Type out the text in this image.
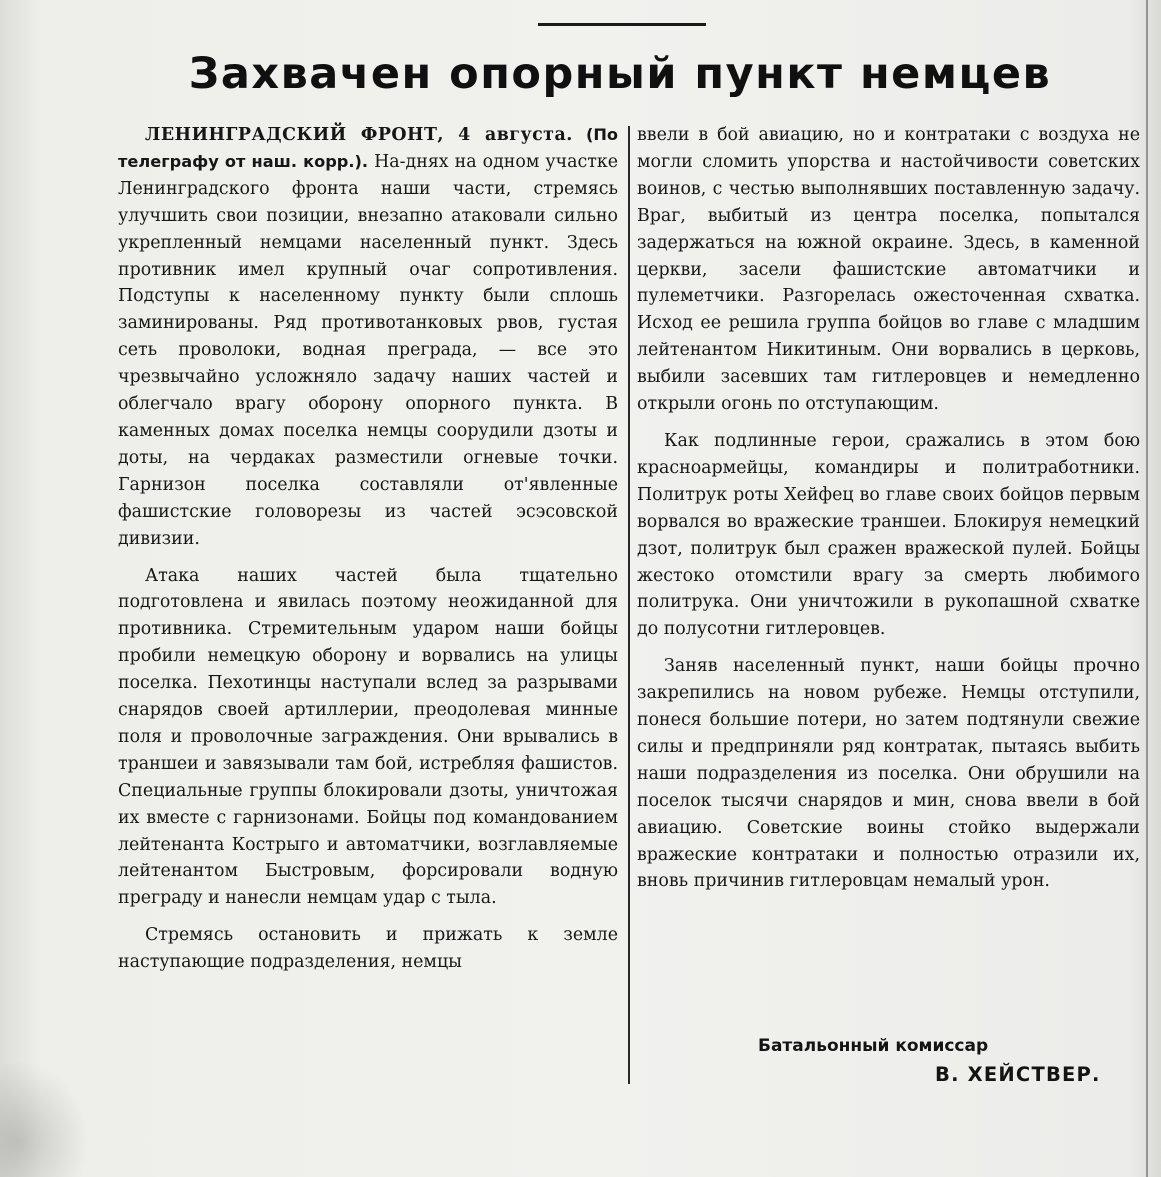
Захвачен опорный пункт немцев

ЛЕНИНГРАДСКИЙ ФРОНТ, 4 августа. (По телеграфу от наш. корр.). На-днях на одном участке Ленинградского фронта наши части, стремясь улучшить свои позиции, внезапно атаковали сильно укрепленный немцами населенный пункт. Здесь противник имел крупный очаг сопротивления. Подступы к населенному пункту были сплошь заминированы. Ряд противотанковых рвов, густая сеть проволоки, водная преграда, — все это чрезвычайно усложняло задачу наших частей и облегчало врагу оборону опорного пункта. В каменных домах поселка немцы соорудили дзоты и доты, на чердаках разместили огневые точки. Гарнизон поселка составляли от'явленные фашистские головорезы из частей эсэсовской дивизии.

Атака наших частей была тщательно подготовлена и явилась поэтому неожиданной для противника. Стремительным ударом наши бойцы пробили немецкую оборону и ворвались на улицы поселка. Пехотинцы наступали вслед за разрывами снарядов своей артиллерии, преодолевая минные поля и проволочные заграждения. Они врывались в траншеи и завязывали там бой, истребляя фашистов. Специальные группы блокировали дзоты, уничтожая их вместе с гарнизонами. Бойцы под командованием лейтенанта Кострыго и автоматчики, возглавляемые лейтенантом Быстровым, форсировали водную преграду и нанесли немцам удар с тыла.

Стремясь остановить и прижать к земле наступающие подразделения, немцы

ввели в бой авиацию, но и контратаки с воздуха не могли сломить упорства и настойчивости советских воинов, с честью выполнявших поставленную задачу. Враг, выбитый из центра поселка, попытался задержаться на южной окраине. Здесь, в каменной церкви, засели фашистские автоматчики и пулеметчики. Разгорелась ожесточенная схватка. Исход ее решила группа бойцов во главе с младшим лейтенантом Никитиным. Они ворвались в церковь, выбили засевших там гитлеровцев и немедленно открыли огонь по отступающим.

Как подлинные герои, сражались в этом бою красноармейцы, командиры и политработники. Политрук роты Хейфец во главе своих бойцов первым ворвался во вражеские траншеи. Блокируя немецкий дзот, политрук был сражен вражеской пулей. Бойцы жестоко отомстили врагу за смерть любимого политрука. Они уничтожили в рукопашной схватке до полусотни гитлеровцев.

Заняв населенный пункт, наши бойцы прочно закрепились на новом рубеже. Немцы отступили, понеся большие потери, но затем подтянули свежие силы и предприняли ряд контратак, пытаясь выбить наши подразделения из поселка. Они обрушили на поселок тысячи снарядов и мин, снова ввели в бой авиацию. Советские воины стойко выдержали вражеские контратаки и полностью отразили их, вновь причинив гитлеровцам немалый урон.

Батальонный комиссар
В. ХЕЙСТВЕР.
